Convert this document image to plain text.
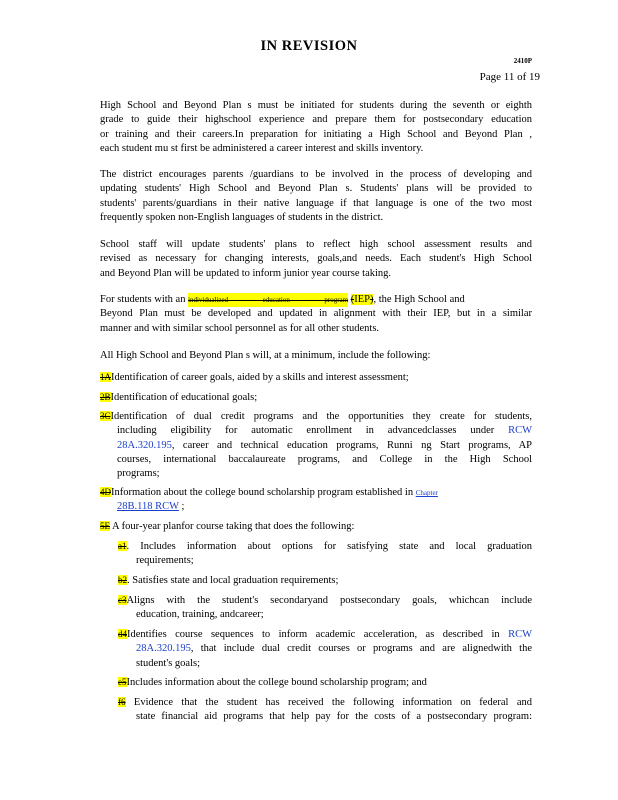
IN REVISION
2410P
Page 11 of 19
High School and Beyond Plan s must be initiated for students during the seventh or eighth
grade to guide their highschool experience and prepare them for postsecondary education
or training and their careers.In preparation for initiating a High School and Beyond Plan ,
each student mu st first be administered a career interest and skills inventory.
The district encourages parents /guardians to be involved in the process of developing and
updating students' High School and Beyond Plan s. Students' plans will be provided to
students' parents/guardians in their native language if that language is one of the two most
frequently spoken non-English languages of students in the district.
School staff will update students' plans to reflect high school assessment results and
revised as necessary for changing interests, goals,and needs. Each student's High School
and Beyond Plan will be updated to inform junior year course taking.
For students with an individualized education program (IEP), the High School and
Beyond Plan must be developed and updated in alignment with their IEP, but in a similar
manner and with similar school personnel as for all other students.
All High School and Beyond Plan s will, at a minimum, include the following:
1AIdentification of career goals, aided by a skills and interest assessment;
2BIdentification of educational goals;
3CIdentification of dual credit programs and the opportunities they create for students,
including eligibility for automatic enrollment in advancedclasses under RCW
28A.320.195, career and technical education programs, Runni ng Start programs, AP
courses, international baccalaureate programs, and College in the High School
programs;
4DInformation about the college bound scholarship program established in Chapter
28B.118 RCW ;
5E A four-year planfor course taking that does the following:
a1. Includes information about options for satisfying state and local graduation
requirements;
b2. Satisfies state and local graduation requirements;
c3Aligns with the student's secondaryand postsecondary goals, whichcan include
education, training, andcareer;
d4Identifies course sequences to inform academic acceleration, as described in RCW
28A.320.195, that include dual credit courses or programs and are alignedwith the
student's goals;
e5Includes information about the college bound scholarship program; and
f6 Evidence that the student has received the following information on federal and
state financial aid programs that help pay for the costs of a postsecondary program:
